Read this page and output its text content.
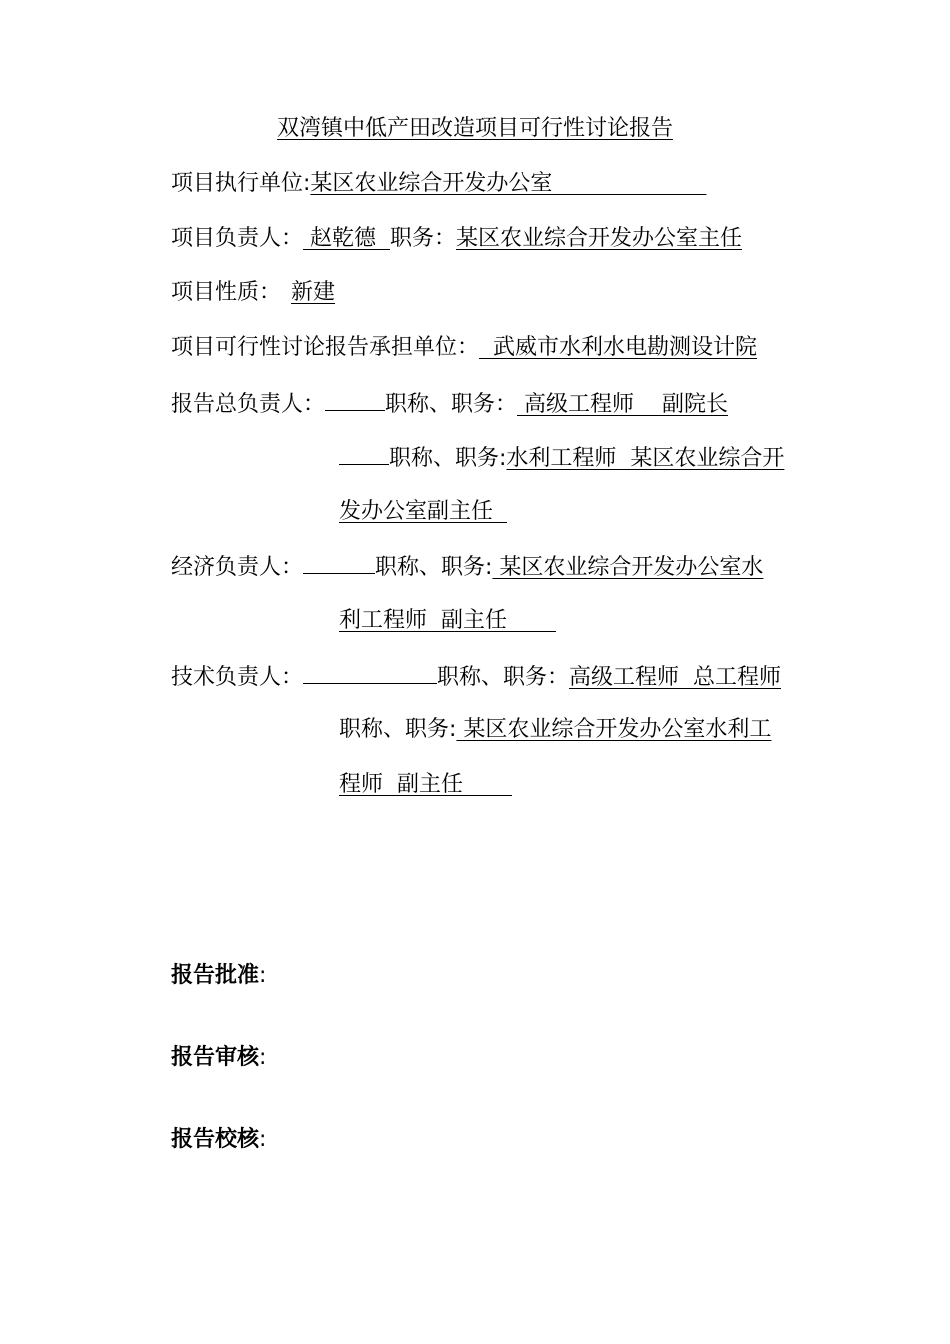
双湾镇中低产田改造项目可行性讨论报告
项目执行单位:某区农业综合开发办公室　　　　　　　
项目负责人： 赵乾德  职务：某区农业综合开发办公室主任
项目性质： 新建
项目可行性讨论报告承担单位：  武威市水利水电勘测设计院
报告总负责人：	职称、职务： 高级工程师    副院长
职称、职务:水利工程师  某区农业综合开
发办公室副主任
经济负责人：	职称、职务: 某区农业综合开发办公室水
利工程师  副主任
技术负责人：	职称、职务：高级工程师  总工程师
职称、职务: 某区农业综合开发办公室水利工
程师  副主任
报告批准:
报告审核:
报告校核:
